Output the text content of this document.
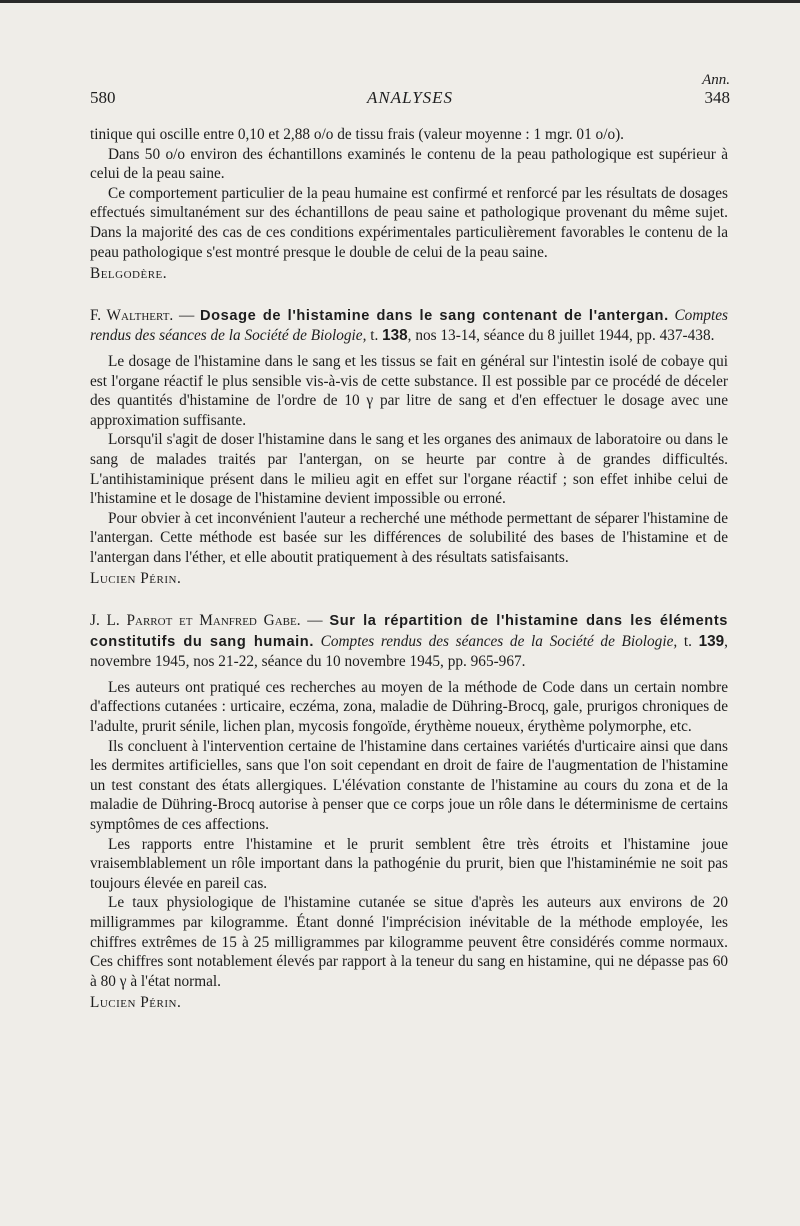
580	ANALYSES
Ann.
348

tinique qui oscille entre 0,10 et 2,88 o/o de tissu frais (valeur moyenne : 1 mgr. 01 o/o).

Dans 50 o/o environ des échantillons examinés le contenu de la peau pathologique est supérieur à celui de la peau saine.

Ce comportement particulier de la peau humaine est confirmé et renforcé par les résultats de dosages effectués simultanément sur des échantillons de peau saine et pathologique provenant du même sujet. Dans la majorité des cas de ces conditions expérimentales particulièrement favorables le contenu de la peau pathologique s'est montré presque le double de celui de la peau saine.

Belgodère.

F. Walthert. — Dosage de l'histamine dans le sang contenant de l'antergan. Comptes rendus des séances de la Société de Biologie, t. 138, nos 13-14, séance du 8 juillet 1944, pp. 437-438.

Le dosage de l'histamine dans le sang et les tissus se fait en général sur l'intestin isolé de cobaye qui est l'organe réactif le plus sensible vis-à-vis de cette substance. Il est possible par ce procédé de déceler des quantités d'histamine de l'ordre de 10 γ par litre de sang et d'en effectuer le dosage avec une approximation suffisante.

Lorsqu'il s'agit de doser l'histamine dans le sang et les organes des animaux de laboratoire ou dans le sang de malades traités par l'antergan, on se heurte par contre à de grandes difficultés. L'antihistaminique présent dans le milieu agit en effet sur l'organe réactif ; son effet inhibe celui de l'histamine et le dosage de l'histamine devient impossible ou erroné.

Pour obvier à cet inconvénient l'auteur a recherché une méthode permettant de séparer l'histamine de l'antergan. Cette méthode est basée sur les différences de solubilité des bases de l'histamine et de l'antergan dans l'éther, et elle aboutit pratiquement à des résultats satisfaisants.

Lucien Périn.

J. L. Parrot et Manfred Gabe. — Sur la répartition de l'histamine dans les éléments constitutifs du sang humain. Comptes rendus des séances de la Société de Biologie, t. 139, novembre 1945, nos 21-22, séance du 10 novembre 1945, pp. 965-967.

Les auteurs ont pratiqué ces recherches au moyen de la méthode de Code dans un certain nombre d'affections cutanées : urticaire, eczéma, zona, maladie de Dühring-Brocq, gale, prurigos chroniques de l'adulte, prurit sénile, lichen plan, mycosis fongoïde, érythème noueux, érythème polymorphe, etc.

Ils concluent à l'intervention certaine de l'histamine dans certaines variétés d'urticaire ainsi que dans les dermites artificielles, sans que l'on soit cependant en droit de faire de l'augmentation de l'histamine un test constant des états allergiques. L'élévation constante de l'histamine au cours du zona et de la maladie de Dühring-Brocq autorise à penser que ce corps joue un rôle dans le déterminisme de certains symptômes de ces affections.

Les rapports entre l'histamine et le prurit semblent être très étroits et l'histamine joue vraisemblablement un rôle important dans la pathogénie du prurit, bien que l'histaminémie ne soit pas toujours élevée en pareil cas.

Le taux physiologique de l'histamine cutanée se situe d'après les auteurs aux environs de 20 milligrammes par kilogramme. Étant donné l'imprécision inévitable de la méthode employée, les chiffres extrêmes de 15 à 25 milligrammes par kilogramme peuvent être considérés comme normaux. Ces chiffres sont notablement élevés par rapport à la teneur du sang en histamine, qui ne dépasse pas 60 à 80 γ à l'état normal.

Lucien Périn.
